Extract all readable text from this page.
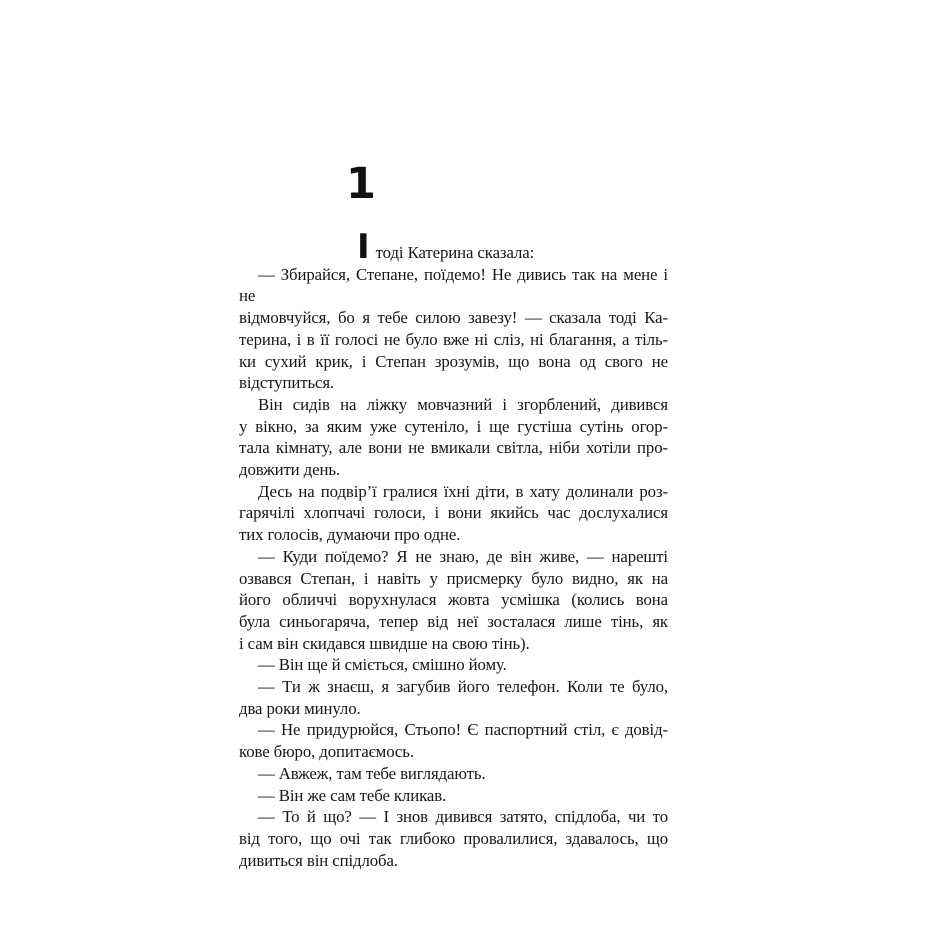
1

Ітоді Катерина сказала:

— Збирайся, Степане, поїдемо! Не дивись так на мене і не
відмовчуйся, бо я тебе силою завезу! — сказала тоді Ка-
терина, і в її голосі не було вже ні сліз, ні благання, а тіль-
ки сухий крик, і Степан зрозумів, що вона од свого не
відступиться.
Він сидів на ліжку мовчазний і згорблений, дивився
у вікно, за яким уже сутеніло, і ще густіша сутінь огор-
тала кімнату, але вони не вмикали світла, ніби хотіли про-
довжити день.
Десь на подвір’ї гралися їхні діти, в хату долинали роз-
гарячілі хлопчачі голоси, і вони якийсь час дослухалися
тих голосів, думаючи про одне.
— Куди поїдемо? Я не знаю, де він живе, — нарешті
озвався Степан, і навіть у присмерку було видно, як на
його обличчі ворухнулася жовта усмішка (колись вона
була синьогаряча, тепер від неї зосталася лише тінь, як
і сам він скидався швидше на свою тінь).
— Він ще й сміється, смішно йому.
— Ти ж знаєш, я загубив його телефон. Коли те було,
два роки минуло.
— Не придурюйся, Стьопо! Є паспортний стіл, є довід-
кове бюро, допитаємось.
— Авжеж, там тебе виглядають.
— Він же сам тебе кликав.
— То й що? — І знов дивився затято, спідлоба, чи то
від того, що очі так глибоко провалилися, здавалось, що
дивиться він спідлоба.
